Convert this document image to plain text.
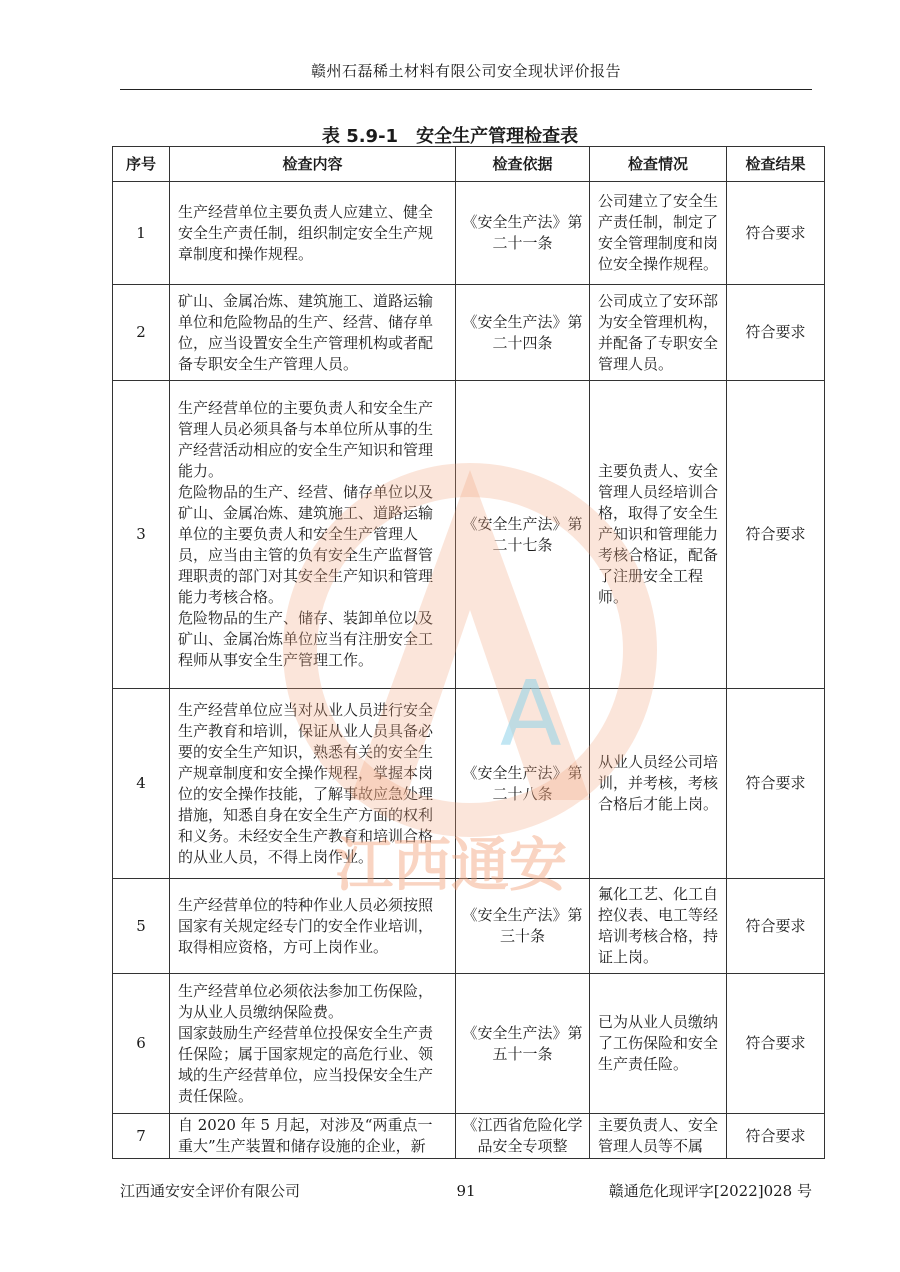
赣州石磊稀土材料有限公司安全现状评价报告
表 5.9-1　安全生产管理检查表
序号	检查内容	检查依据	检查情况	检查结果
1	生产经营单位主要负责人应建立、健全安全生产责任制，组织制定安全生产规章制度和操作规程。	《安全生产法》第二十一条	公司建立了安全生产责任制，制定了安全管理制度和岗位安全操作规程。	符合要求
2	矿山、金属冶炼、建筑施工、道路运输单位和危险物品的生产、经营、储存单位，应当设置安全生产管理机构或者配备专职安全生产管理人员。	《安全生产法》第二十四条	公司成立了安环部为安全管理机构，并配备了专职安全管理人员。	符合要求
3	生产经营单位的主要负责人和安全生产管理人员必须具备与本单位所从事的生产经营活动相应的安全生产知识和管理能力。

危险物品的生产、经营、储存单位以及矿山、金属冶炼、建筑施工、道路运输单位的主要负责人和安全生产管理人员，应当由主管的负有安全生产监督管理职责的部门对其安全生产知识和管理能力考核合格。

危险物品的生产、储存、装卸单位以及矿山、金属冶炼单位应当有注册安全工程师从事安全生产管理工作。	《安全生产法》第二十七条	主要负责人、安全管理人员经培训合格，取得了安全生产知识和管理能力考核合格证，配备了注册安全工程师。	符合要求
4	生产经营单位应当对从业人员进行安全生产教育和培训，保证从业人员具备必要的安全生产知识，熟悉有关的安全生产规章制度和安全操作规程，掌握本岗位的安全操作技能，了解事故应急处理措施，知悉自身在安全生产方面的权利和义务。未经安全生产教育和培训合格的从业人员，不得上岗作业。	《安全生产法》第二十八条	从业人员经公司培训，并考核，考核合格后才能上岗。	符合要求
5	生产经营单位的特种作业人员必须按照国家有关规定经专门的安全作业培训，取得相应资格，方可上岗作业。	《安全生产法》第三十条	氟化工艺、化工自控仪表、电工等经培训考核合格，持证上岗。	符合要求
6	生产经营单位必须依法参加工伤保险，为从业人员缴纳保险费。

国家鼓励生产经营单位投保安全生产责任保险；属于国家规定的高危行业、领域的生产经营单位，应当投保安全生产责任保险。	《安全生产法》第五十一条	已为从业人员缴纳了工伤保险和安全生产责任险。	符合要求
7	自 2020 年 5 月起，对涉及“两重点一重大”生产装置和储存设施的企业，新	《江西省危险化学品安全专项整	主要负责人、安全管理人员等不属	符合要求
A
江西通安
江西通安安全评价有限公司	91	赣通危化现评字[2022]028 号
